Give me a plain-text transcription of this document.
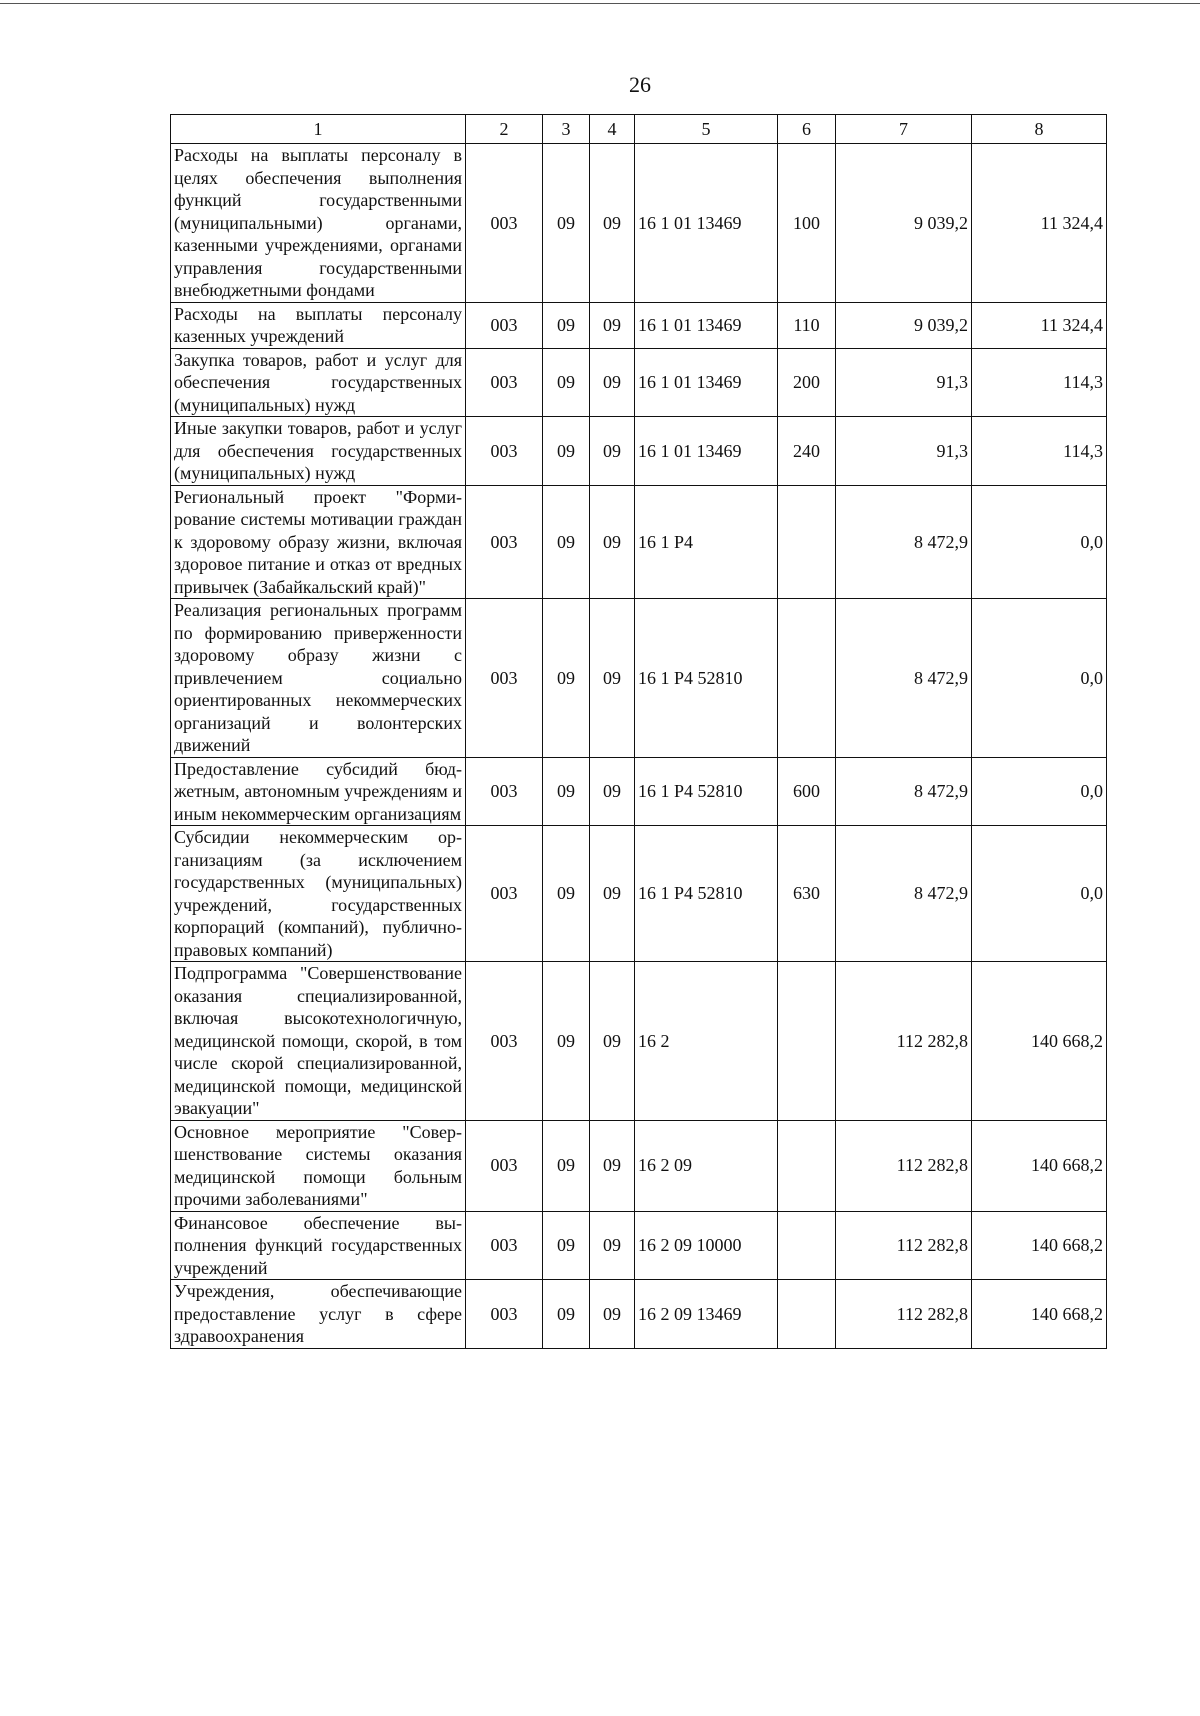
26
1	2	3	4	5	6	7	8
Расходы на выплаты персоналу в целях обеспечения выполнения функций государственными (муниципальными) органами, казенными учреждениями, органами управления государственными внебюджетными фондами	003	09	09	16 1 01 13469	100	9 039,2	11 324,4
Расходы на выплаты персоналу казенных учреждений	003	09	09	16 1 01 13469	110	9 039,2	11 324,4
Закупка товаров, работ и услуг для обеспечения государственных (муниципальных) нужд	003	09	09	16 1 01 13469	200	91,3	114,3
Иные закупки товаров, работ и услуг для обеспечения государственных (муниципальных) нужд	003	09	09	16 1 01 13469	240	91,3	114,3
Региональный проект "Формирование системы мотивации граждан к здоровому образу жизни, включая здоровое питание и отказ от вредных привычек (Забайкальский край)"	003	09	09	16 1 P4		8 472,9	0,0
Реализация региональных программ по формированию приверженности здоровому образу жизни с привлечением социально ориентированных некоммерческих организаций и волонтерских движений	003	09	09	16 1 P4 52810		8 472,9	0,0
Предоставление субсидий бюджетным, автономным учреждениям и иным некоммерческим организациям	003	09	09	16 1 P4 52810	600	8 472,9	0,0
Субсидии некоммерческим организациям (за исключением государственных (муниципальных) учреждений, государственных корпораций (компаний), публично-правовых компаний)	003	09	09	16 1 P4 52810	630	8 472,9	0,0
Подпрограмма "Совершенствование оказания специализированной, включая высокотехнологичную, медицинской помощи, скорой, в том числе скорой специализированной, медицинской помощи, медицинской эвакуации"	003	09	09	16 2		112 282,8	140 668,2
Основное мероприятие "Совершенствование системы оказания медицинской помощи больным прочими заболеваниями"	003	09	09	16 2 09		112 282,8	140 668,2
Финансовое обеспечение выполнения функций государственных учреждений	003	09	09	16 2 09 10000		112 282,8	140 668,2
Учреждения, обеспечивающие предоставление услуг в сфере здравоохранения	003	09	09	16 2 09 13469		112 282,8	140 668,2
